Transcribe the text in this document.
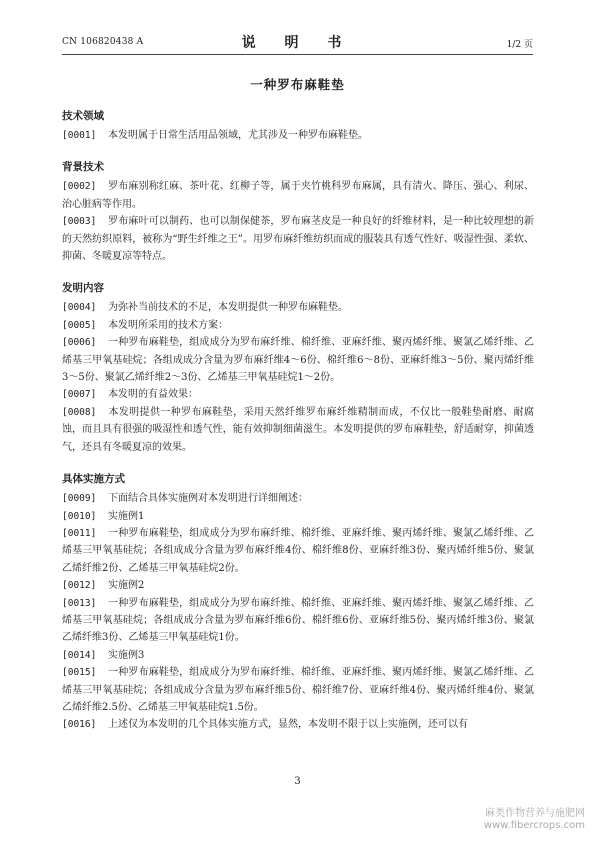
CN 106820438 A	说 明 书	1/2 页
一种罗布麻鞋垫
技术领域

[0001] 本发明属于日常生活用品领域，尤其涉及一种罗布麻鞋垫。

背景技术

[0002] 罗布麻别称红麻、茶叶花、红柳子等，属于夹竹桃科罗布麻属，具有清火、降压、强心、利尿、治心脏病等作用。

[0003] 罗布麻叶可以制药、也可以制保健茶，罗布麻茎皮是一种良好的纤维材料，是一种比较理想的新的天然纺织原料，被称为“野生纤维之王”。用罗布麻纤维纺织而成的服装具有透气性好、吸湿性强、柔软、抑菌、冬暖夏凉等特点。

发明内容

[0004] 为弥补当前技术的不足，本发明提供一种罗布麻鞋垫。

[0005] 本发明所采用的技术方案：

[0006] 一种罗布麻鞋垫，组成成分为罗布麻纤维、棉纤维、亚麻纤维、聚丙烯纤维、聚氯乙烯纤维、乙烯基三甲氧基硅烷；各组成成分含量为罗布麻纤维4～6份、棉纤维6～8份、亚麻纤维3～5份、聚丙烯纤维3～5份、聚氯乙烯纤维2～3份、乙烯基三甲氧基硅烷1～2份。

[0007] 本发明的有益效果：

[0008] 本发明提供一种罗布麻鞋垫，采用天然纤维罗布麻纤维精制而成，不仅比一般鞋垫耐磨、耐腐蚀，而且具有很强的吸湿性和透气性，能有效抑制细菌滋生。本发明提供的罗布麻鞋垫，舒适耐穿，抑菌透气，还具有冬暖夏凉的效果。

具体实施方式

[0009] 下面结合具体实施例对本发明进行详细阐述：

[0010] 实施例1

[0011] 一种罗布麻鞋垫，组成成分为罗布麻纤维、棉纤维、亚麻纤维、聚丙烯纤维、聚氯乙烯纤维、乙烯基三甲氧基硅烷；各组成成分含量为罗布麻纤维4份、棉纤维8份、亚麻纤维3份、聚丙烯纤维5份、聚氯乙烯纤维2份、乙烯基三甲氧基硅烷2份。

[0012] 实施例2

[0013] 一种罗布麻鞋垫，组成成分为罗布麻纤维、棉纤维、亚麻纤维、聚丙烯纤维、聚氯乙烯纤维、乙烯基三甲氧基硅烷；各组成成分含量为罗布麻纤维6份、棉纤维6份、亚麻纤维5份、聚丙烯纤维3份、聚氯乙烯纤维3份、乙烯基三甲氧基硅烷1份。

[0014] 实施例3

[0015] 一种罗布麻鞋垫，组成成分为罗布麻纤维、棉纤维、亚麻纤维、聚丙烯纤维、聚氯乙烯纤维、乙烯基三甲氧基硅烷；各组成成分含量为罗布麻纤维5份、棉纤维7份、亚麻纤维4份、聚丙烯纤维4份、聚氯乙烯纤维2.5份、乙烯基三甲氧基硅烷1.5份。

[0016] 上述仅为本发明的几个具体实施方式，显然，本发明不限于以上实施例，还可以有

3
麻类作物营养与施肥网
www.fibercrops.com
